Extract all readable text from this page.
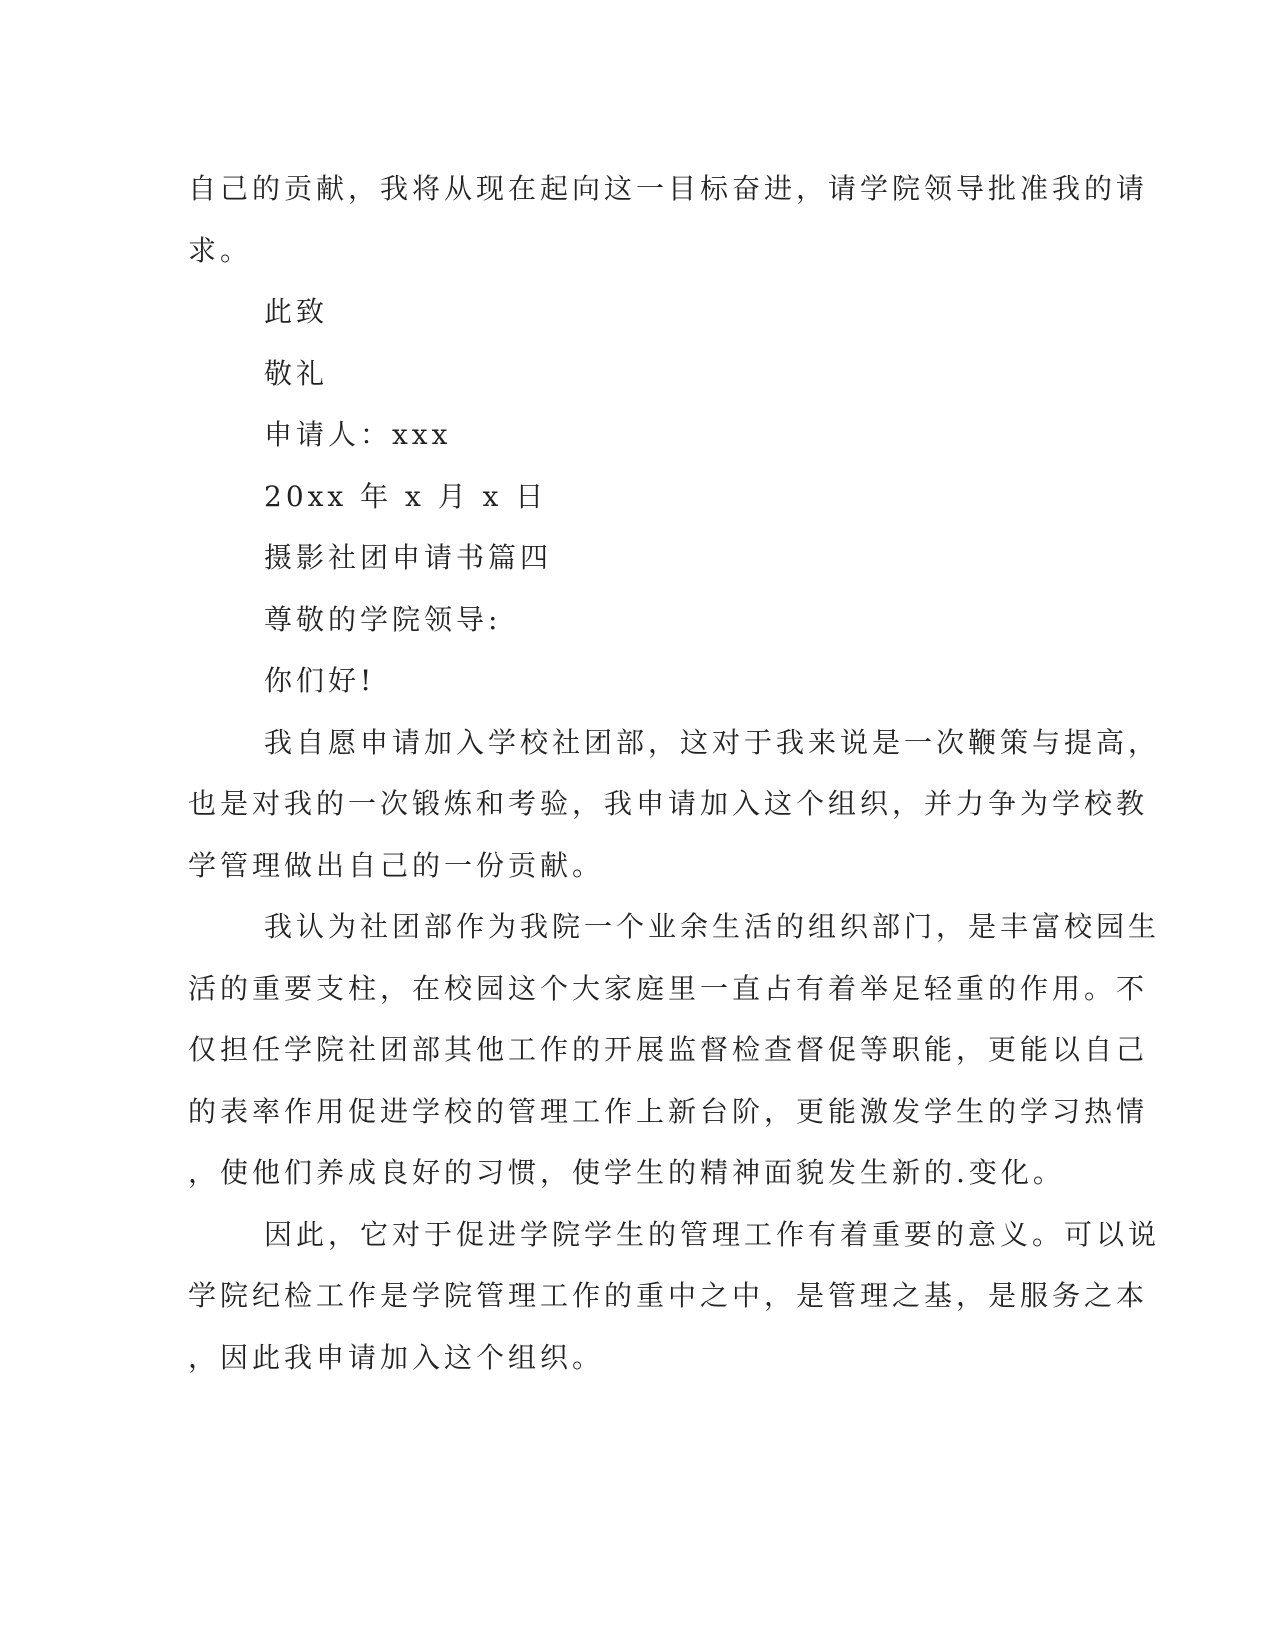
自己的贡献，我将从现在起向这一目标奋进，请学院领导批准我的请
求。
此致
敬礼
申请人：xxx
20xx 年 x 月 x 日
摄影社团申请书篇四
尊敬的学院领导:
你们好!
我自愿申请加入学校社团部，这对于我来说是一次鞭策与提高，
也是对我的一次锻炼和考验，我申请加入这个组织，并力争为学校教
学管理做出自己的一份贡献。
我认为社团部作为我院一个业余生活的组织部门，是丰富校园生
活的重要支柱，在校园这个大家庭里一直占有着举足轻重的作用。不
仅担任学院社团部其他工作的开展监督检查督促等职能，更能以自己
的表率作用促进学校的管理工作上新台阶，更能激发学生的学习热情
，使他们养成良好的习惯，使学生的精神面貌发生新的.变化。
因此，它对于促进学院学生的管理工作有着重要的意义。可以说
学院纪检工作是学院管理工作的重中之中，是管理之基，是服务之本
，因此我申请加入这个组织。
